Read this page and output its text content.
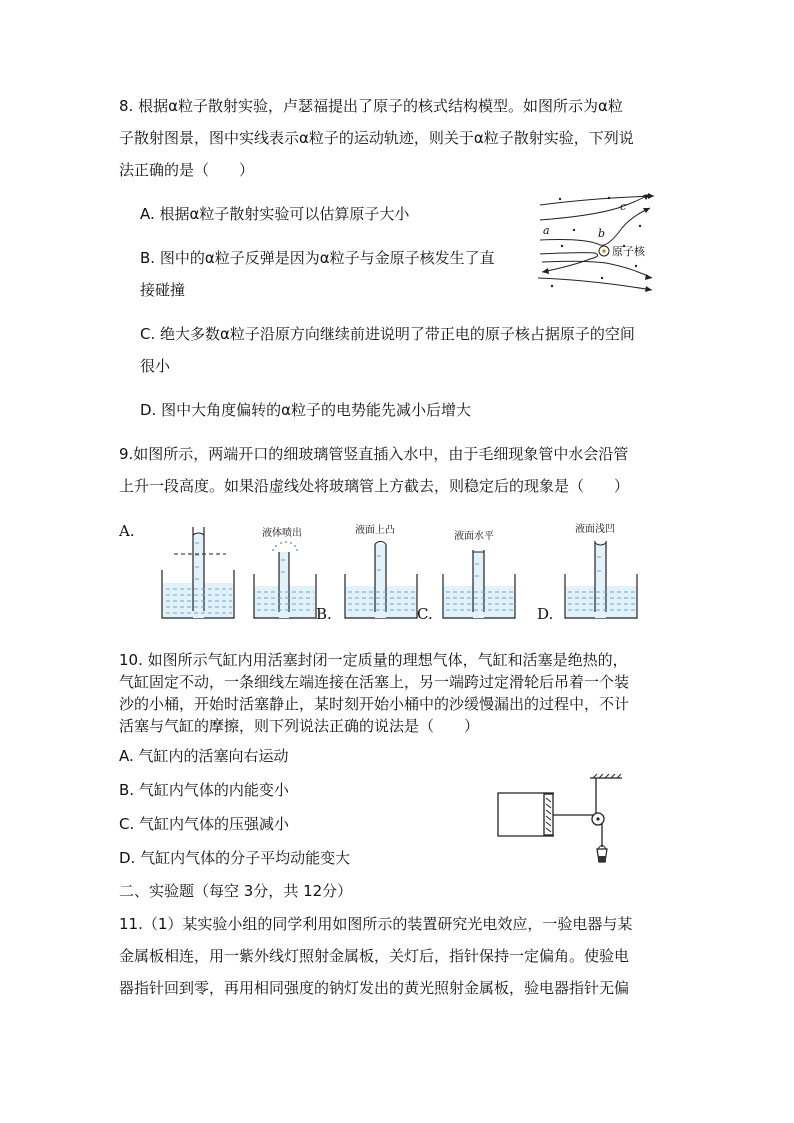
8. 根据α粒子散射实验，卢瑟福提出了原子的核式结构模型。如图所示为α粒
子散射图景，图中实线表示α粒子的运动轨迹，则关于α粒子散射实验，下列说
法正确的是（　　）
A. 根据α粒子散射实验可以估算原子大小
B. 图中的α粒子反弹是因为α粒子与金原子核发生了直
接碰撞
C. 绝大多数α粒子沿原方向继续前进说明了带正电的原子核占据原子的空间
很小
D. 图中大角度偏转的α粒子的电势能先减小后增大
a	b
c
原子核
9.如图所示，两端开口的细玻璃管竖直插入水中，由于毛细现象管中水会沿管
上升一段高度。如果沿虚线处将玻璃管上方截去，则稳定后的现象是（　　）
A.
B.	C.	D.
液体喷出	液面上凸
液面水平
液面浅凹
10. 如图所示气缸内用活塞封闭一定质量的理想气体，气缸和活塞是绝热的，
气缸固定不动，一条细线左端连接在活塞上，另一端跨过定滑轮后吊着一个装
沙的小桶，开始时活塞静止，某时刻开始小桶中的沙缓慢漏出的过程中，不计
活塞与气缸的摩擦，则下列说法正确的说法是（　　）
A. 气缸内的活塞向右运动
B. 气缸内气体的内能变小
C. 气缸内气体的压强减小
D. 气缸内气体的分子平均动能变大
二、实验题（每空 3分，共 12分）
11.（1）某实验小组的同学利用如图所示的装置研究光电效应，一验电器与某
金属板相连，用一紫外线灯照射金属板，关灯后，指针保持一定偏角。使验电
器指针回到零，再用相同强度的钠灯发出的黄光照射金属板，验电器指针无偏
